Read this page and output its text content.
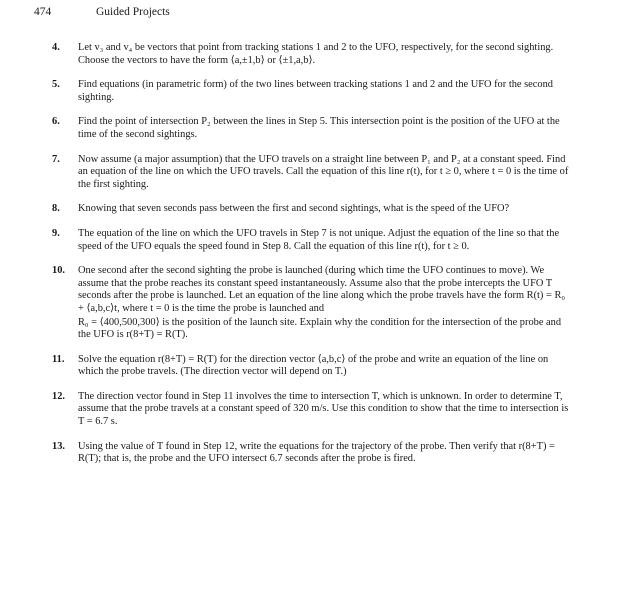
474	Guided Projects
4. Let v₃ and v₄ be vectors that point from tracking stations 1 and 2 to the UFO, respectively, for the second sighting. Choose the vectors to have the form ⟨a,±1,b⟩ or ⟨±1,a,b⟩.

5. Find equations (in parametric form) of the two lines between tracking stations 1 and 2 and the UFO for the second sighting.

6. Find the point of intersection P₂ between the lines in Step 5. This intersection point is the position of the UFO at the time of the second sightings.

7. Now assume (a major assumption) that the UFO travels on a straight line between P₁ and P₂ at a constant speed. Find an equation of the line on which the UFO travels. Call the equation of this line r(t), for t ≥ 0, where t = 0 is the time of the first sighting.

8. Knowing that seven seconds pass between the first and second sightings, what is the speed of the UFO?

9. The equation of the line on which the UFO travels in Step 7 is not unique. Adjust the equation of the line so that the speed of the UFO equals the speed found in Step 8. Call the equation of this line r(t), for t ≥ 0.

10. One second after the second sighting the probe is launched (during which time the UFO continues to move). We assume that the probe reaches its constant speed instantaneously. Assume also that the probe intercepts the UFO T seconds after the probe is launched. Let an equation of the line along which the probe travels have the form R(t) = R₀ + ⟨a,b,c⟩t, where t = 0 is the time the probe is launched and

R₀ = ⟨400,500,300⟩ is the position of the launch site. Explain why the condition for the intersection of the probe and the UFO is r(8+T) = R(T).

11. Solve the equation r(8+T) = R(T) for the direction vector ⟨a,b,c⟩ of the probe and write an equation of the line on which the probe travels. (The direction vector will depend on T.)

12. The direction vector found in Step 11 involves the time to intersection T, which is unknown. In order to determine T, assume that the probe travels at a constant speed of 320 m/s. Use this condition to show that the time to intersection is T = 6.7 s.

13. Using the value of T found in Step 12, write the equations for the trajectory of the probe. Then verify that r(8+T) = R(T); that is, the probe and the UFO intersect 6.7 seconds after the probe is fired.
